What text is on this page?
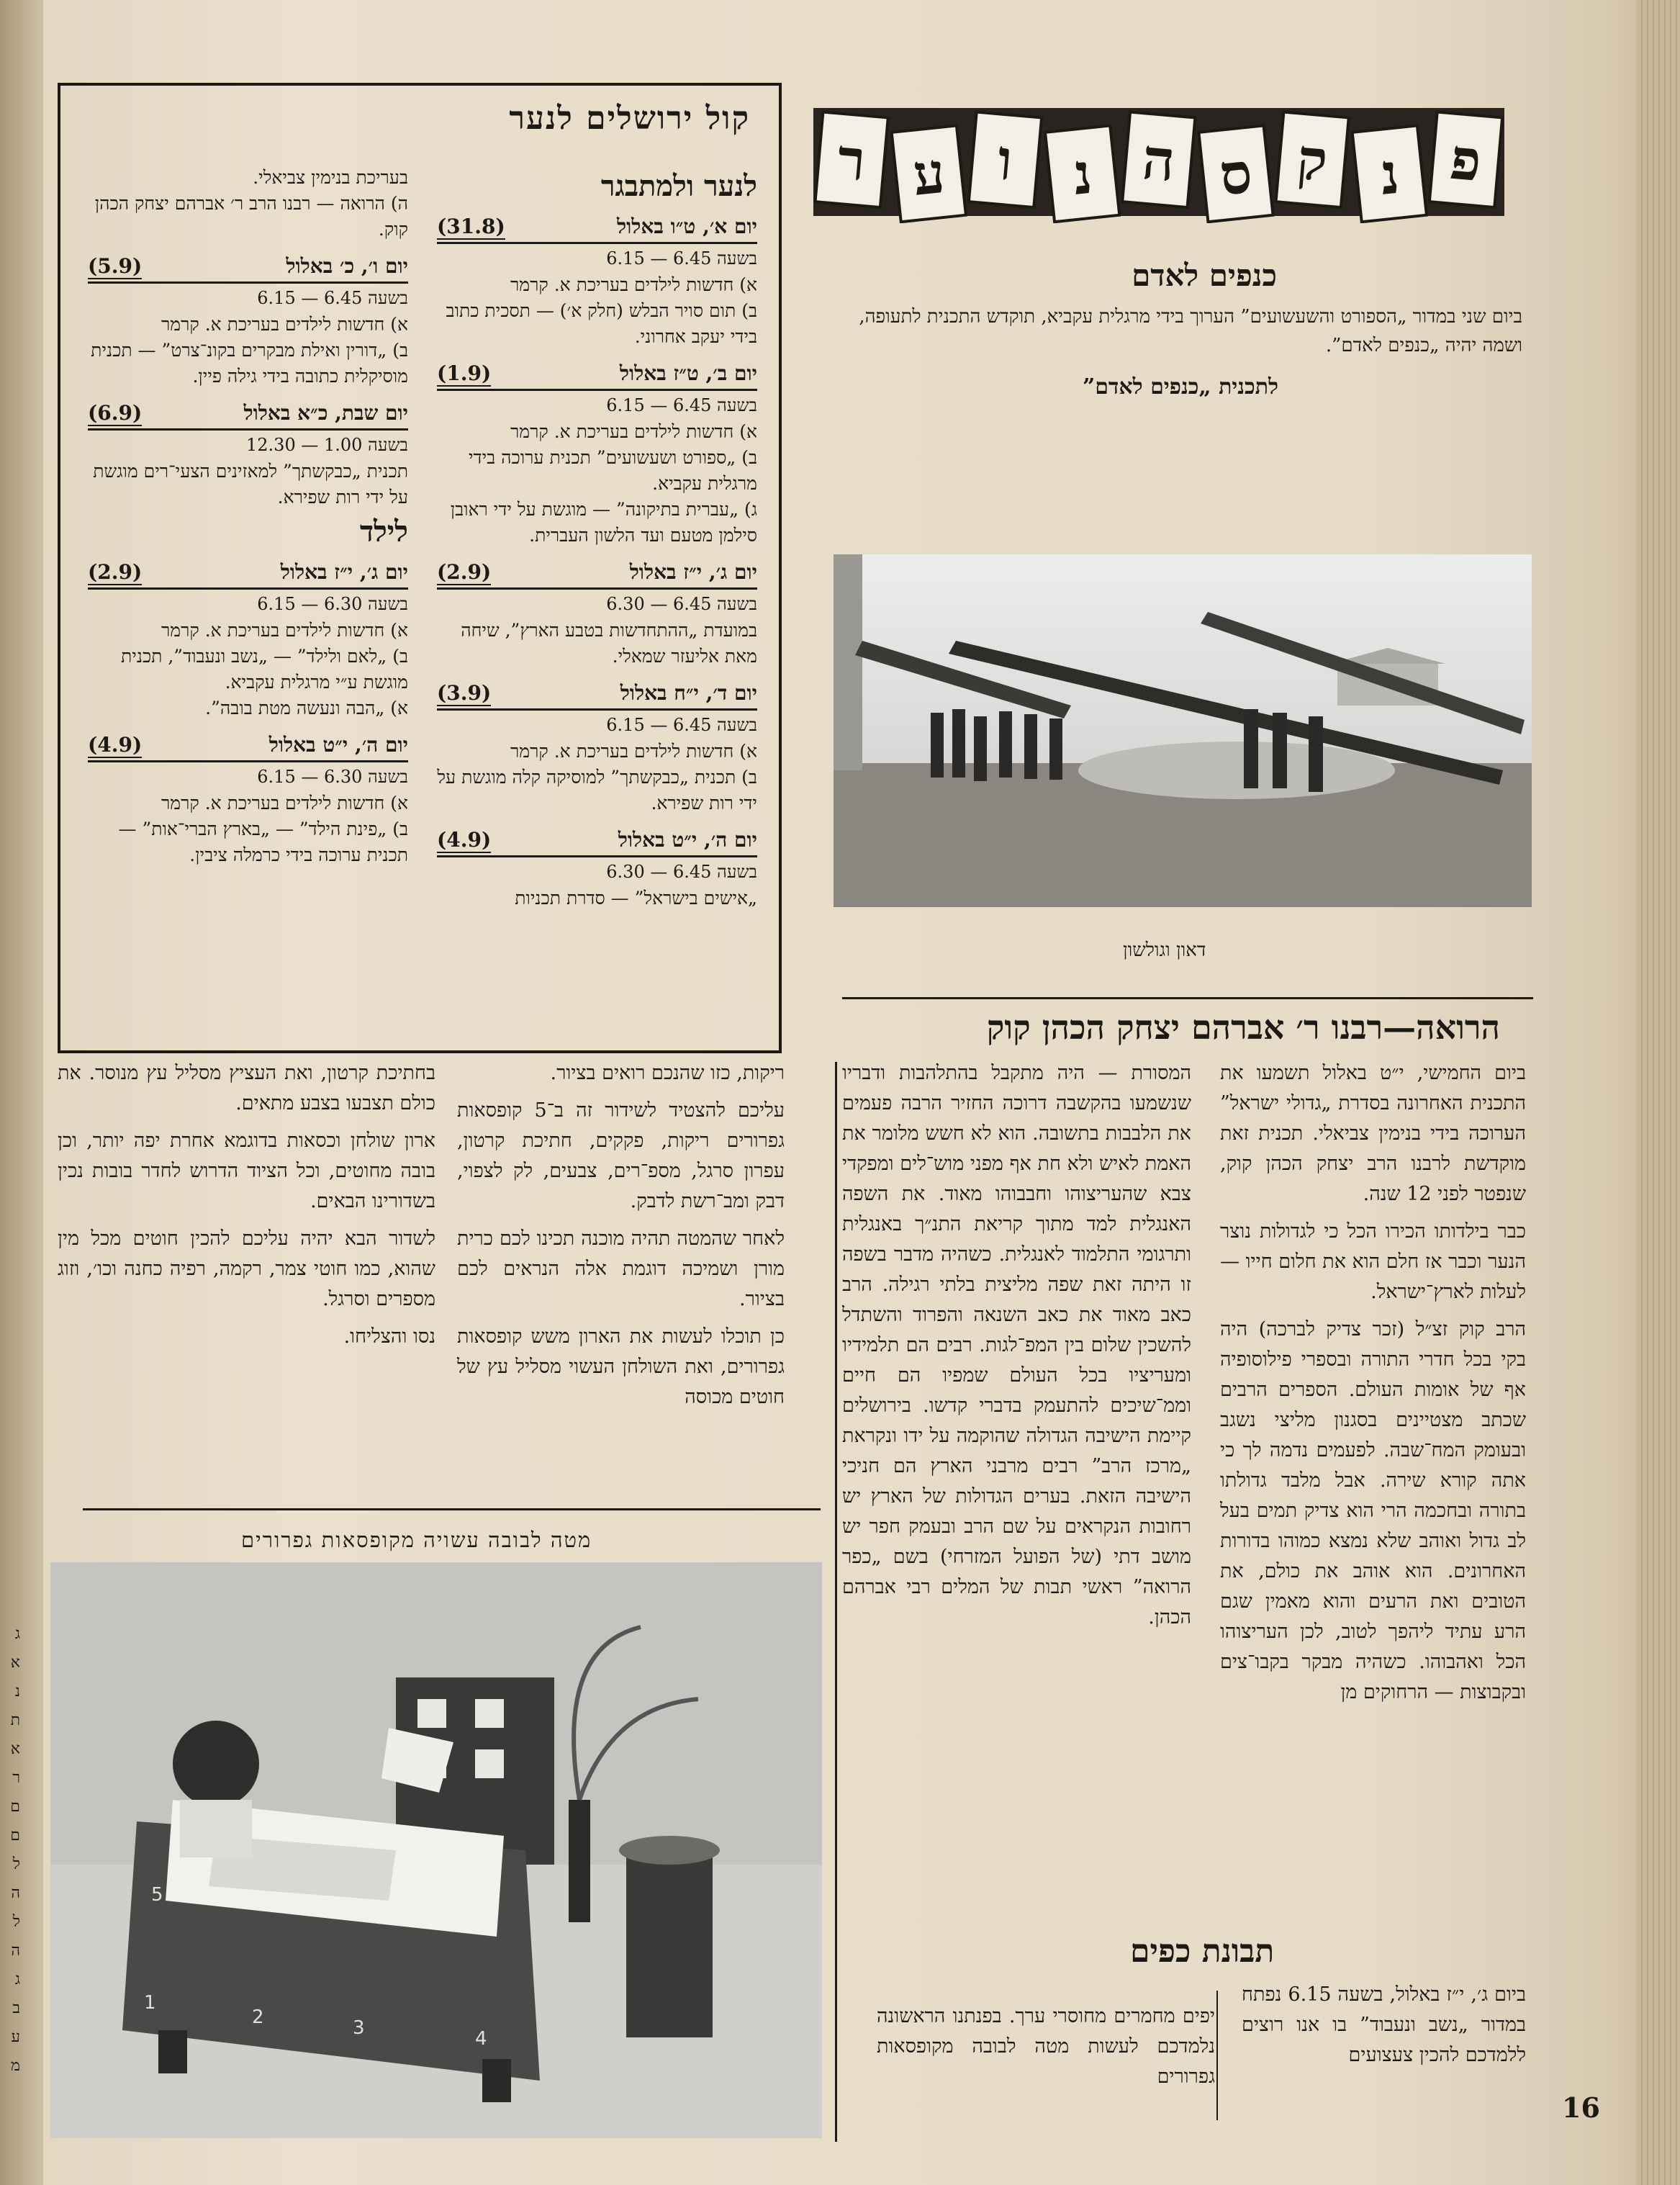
ג
א
נ
ת
א
ר
ם
ם
ל
ה
ל
ה
ג
ב
ע
מ
קול ירושלים לנער
לנער ולמתבגר
(31.8)	יום א׳, ט״ו באלול
בשעה 6.45 — 6.15

א) חדשות לילדים בעריכת א. קרמר

ב) תום סויר הבלש (חלק א׳) — תסכית כתוב בידי יעקב אחרוני.

(1.9)	יום ב׳, ט״ז באלול
בשעה 6.45 — 6.15

א) חדשות לילדים בעריכת א. קרמר

ב) „ספורט ושעשועים” תכנית ערוכה בידי מרגלית עקביא.

ג) „עברית בתיקונה” — מוגשת על ידי ראובן סילמן מטעם ועד הלשון העברית.

(2.9)	יום ג׳, י״ז באלול
בשעה 6.45 — 6.30

במועדת „ההתחדשות בטבע הארץ”, שיחה מאת אליעזר שמאלי.

(3.9)	יום ד׳, י״ח באלול
בשעה 6.45 — 6.15

א) חדשות לילדים בעריכת א. קרמר

ב) תכנית „כבקשתך” למוסיקה קלה מוגשת על ידי רות שפירא.

(4.9)	יום ה׳, י״ט באלול
בשעה 6.45 — 6.30

„אישים בישראל” — סדרת תכניות

בעריכת בנימין צביאלי.

ה) הרואה — רבנו הרב ר׳ אברהם יצחק הכהן קוק.

(5.9)	יום ו׳, כ׳ באלול
בשעה 6.45 — 6.15

א) חדשות לילדים בעריכת א. קרמר

ב) „דורין ואילת מבקרים בקונ־צרט” — תכנית מוסיקלית כתובה בידי גילה פיין.

(6.9)	יום שבת, כ״א באלול
בשעה 1.00 — 12.30

תכנית „כבקשתך” למאזינים הצעי־רים מוגשת על ידי רות שפירא.

לילד
(2.9)	יום ג׳, י״ז באלול
בשעה 6.30 — 6.15

א) חדשות לילדים בעריכת א. קרמר

ב) „לאם ולילד” — „נשב ונעבוד”, תכנית מוגשת ע״י מרגלית עקביא.

א) „הבה ונעשה מטת בובה”.

(4.9)	יום ה׳, י״ט באלול
בשעה 6.30 — 6.15

א) חדשות לילדים בעריכת א. קרמר

ב) „פינת הילד” — „בארץ הברי־אות” — תכנית ערוכה בידי כרמלה ציבין.

פ
נ
ק
ס
ה
נ
ו
ע
ר
כנפים לאדם
ביום שני במדור „הספורט והשעשועים” הערוך בידי מרגלית עקביא, תוקדש התכנית לתעופה, ושמה יהיה „כנפים לאדם”.
לתכנית „כנפים לאדם”
דאון וגולשון
הרואה—רבנו ר׳ אברהם יצחק הכהן קוק

ביום החמישי, י״ט באלול תשמעו את התכנית האחרונה בסדרת „גדולי ישראל” הערוכה בידי בנימין צביאלי. תכנית זאת מוקדשת לרבנו הרב יצחק הכהן קוק, שנפטר לפני 12 שנה.

כבר בילדותו הכירו הכל כי לגדולות נוצר הנער וכבר אז חלם הוא את חלום חייו — לעלות לארץ־ישראל.

הרב קוק זצ״ל (זכר צדיק לברכה) היה בקי בכל חדרי התורה ובספרי פילוסופיה אף של אומות העולם. הספרים הרבים שכתב מצטיינים בסגנון מליצי נשגב ובעומק המח־שבה. לפעמים נדמה לך כי אתה קורא שירה. אבל מלבד גדולתו בתורה ובחכמה הרי הוא צדיק תמים בעל לב גדול ואוהב שלא נמצא כמוהו בדורות האחרונים. הוא אוהב את כולם, את הטובים ואת הרעים והוא מאמין שגם הרע עתיד ליהפך לטוב, לכן העריצוהו הכל ואהבוהו. כשהיה מבקר בקבו־צים ובקבוצות — הרחוקים מן

המסורת — היה מתקבל בהתלהבות ודבריו שנשמעו בהקשבה דרוכה החזיר הרבה פעמים את הלבבות בתשובה. הוא לא חשש מלומר את האמת לאיש ולא חת אף מפני מוש־לים ומפקדי צבא שהעריצוהו וחבבוהו מאוד. את השפה האנגלית למד מתוך קריאת התנ״ך באנגלית ותרגומי התלמוד לאנגלית. כשהיה מדבר בשפה זו היתה זאת שפה מליצית בלתי רגילה. הרב כאב מאוד את כאב השנאה והפרוד והשתדל להשכין שלום בין המפ־לגות. רבים הם תלמידיו ומעריציו בכל העולם שמפיו הם חיים וממ־שיכים להתעמק בדברי קדשו. בירושלים קיימת הישיבה הגדולה שהוקמה על ידו ונקראת „מרכז הרב” רבים מרבני הארץ הם חניכי הישיבה הזאת. בערים הגדולות של הארץ יש רחובות הנקראים על שם הרב ובעמק חפר יש מושב דתי (של הפועל המזרחי) בשם „כפר הרואה” ראשי תבות של המלים רבי אברהם הכהן.

תבונת כפים

ביום ג׳, י״ז באלול, בשעה 6.15 נפתח במדור „נשב ונעבוד” בו אנו רוצים ללמדכם להכין צעצועים

יפים מחמרים מחוסרי ערך. בפנתנו הראשונה נלמדכם לעשות מטה לבובה מקופסאות גפרורים

ריקות, כזו שהנכם רואים בציור.

עליכם להצטיד לשידור זה ב־5 קופסאות גפרורים ריקות, פקקים, חתיכת קרטון, עפרון סרגל, מספ־רים, צבעים, לק לצפוי, דבק ומב־רשת לדבק.

לאחר שהמטה תהיה מוכנה תכינו לכם כרית מורן ושמיכה דוגמת אלה הנראים לכם בציור.

כן תוכלו לעשות את הארון משש קופסאות גפרורים, ואת השולחן העשוי מסליל עץ של חוטים מכוסה

בחתיכת קרטון, ואת העציץ מסליל עץ מנוסר. את כולם תצבעו בצבע מתאים.

ארון שולחן וכסאות בדוגמא אחרת יפה יותר, וכן בובה מחוטים, וכל הציוד הדרוש לחדר בובות נכין בשדורינו הבאים.

לשדור הבא יהיה עליכם להכין חוטים מכל מין שהוא, כמו חוטי צמר, רקמה, רפיה כחנה וכו׳, וזוג מספרים וסרגל.

נסו והצליחו.

מטה לבובה עשויה מקופסאות גפרורים
1
2	3	4
5
16
